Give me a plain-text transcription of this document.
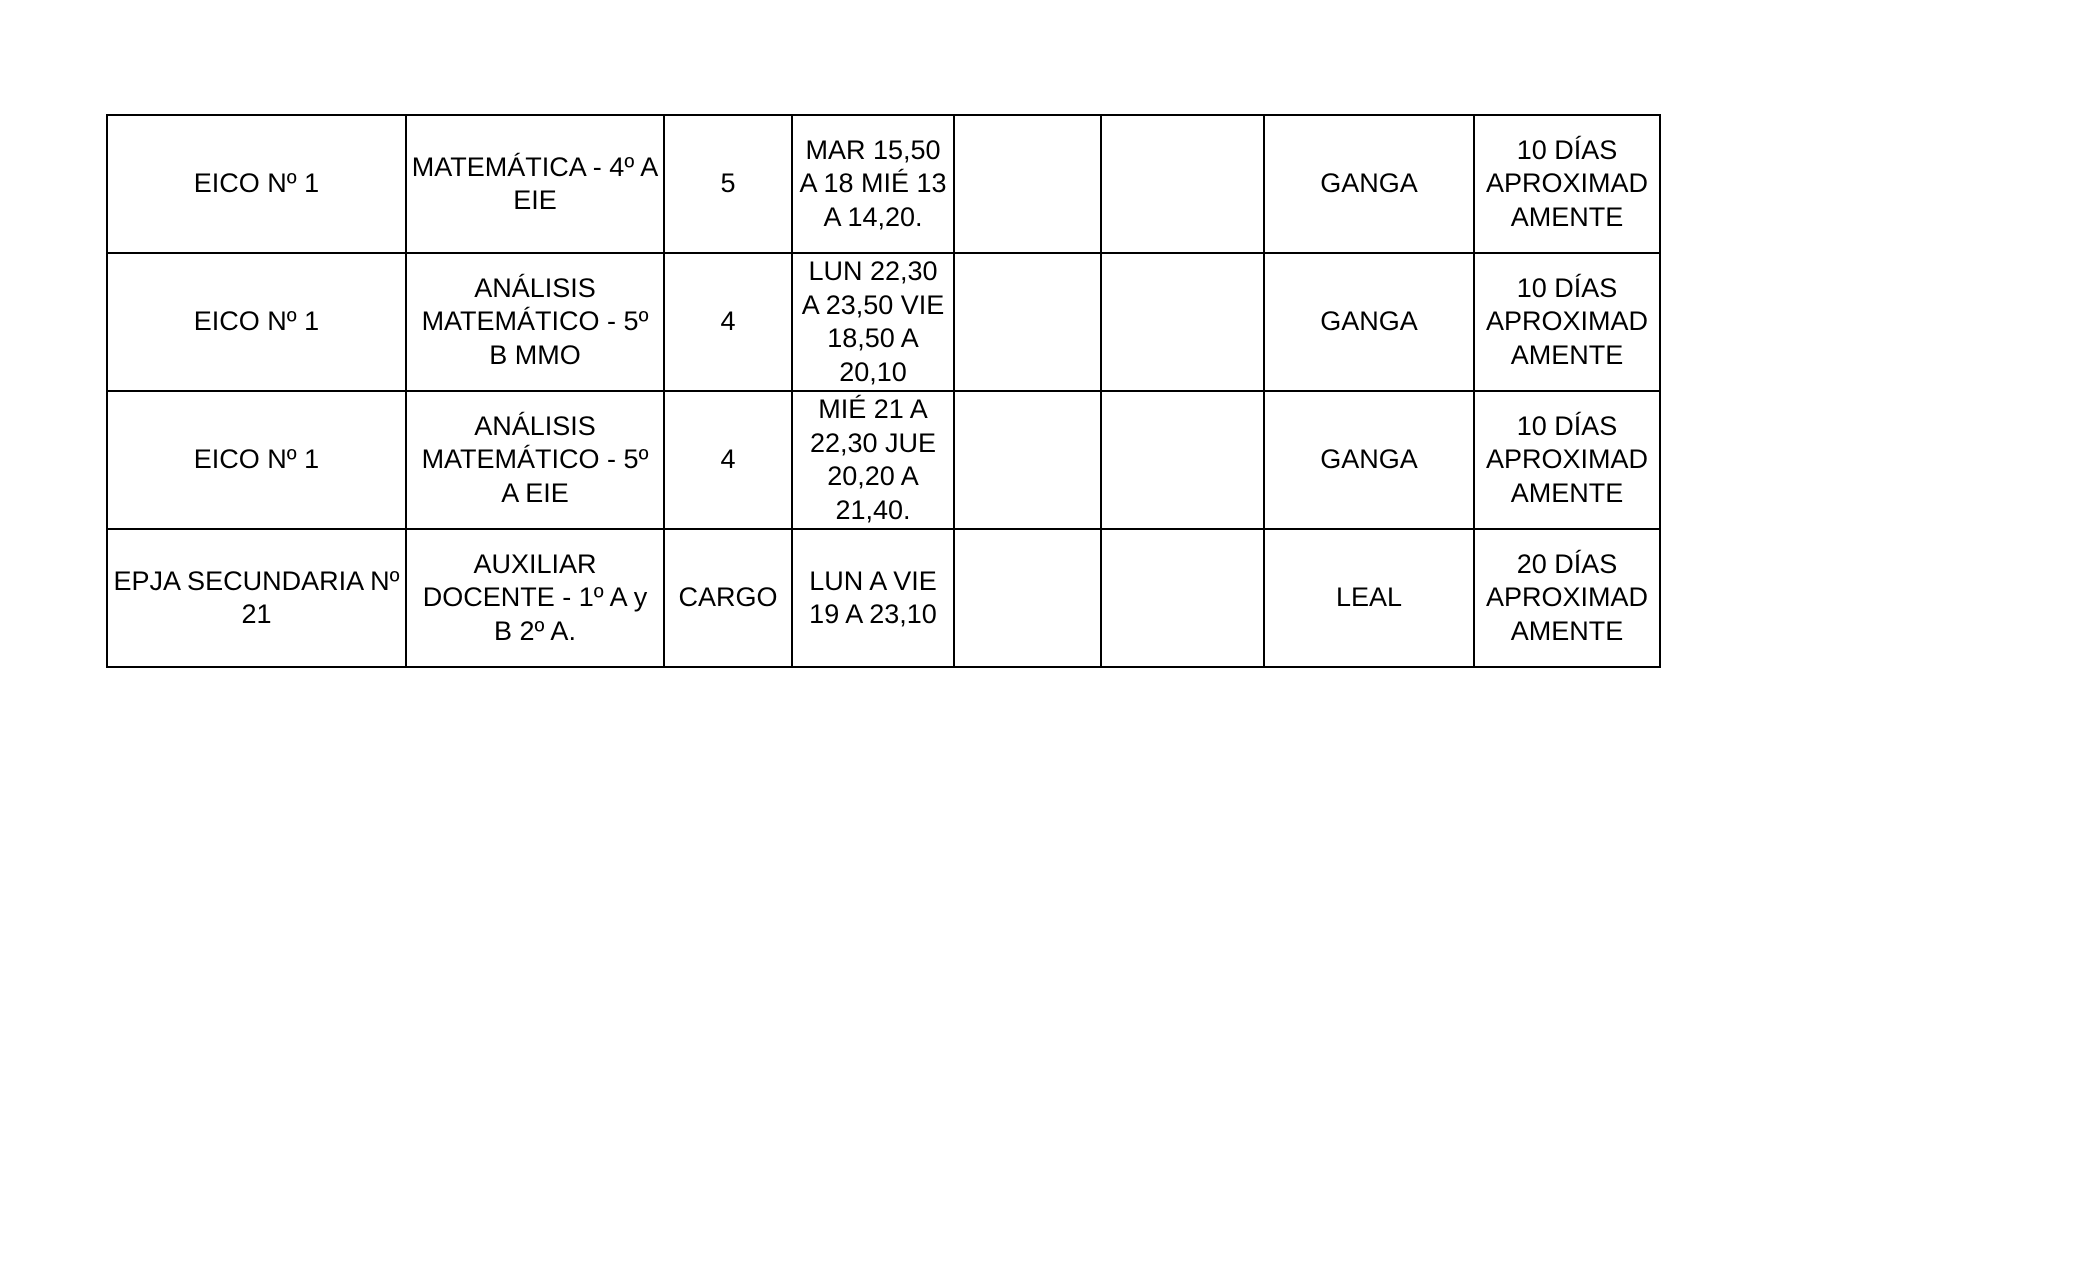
EICO Nº 1	MATEMÁTICA - 4º A EIE	5	MAR 15,50 A 18 MIÉ 13 A 14,20.			GANGA	10 DÍAS APROXIMAD AMENTE
EICO Nº 1	ANÁLISIS MATEMÁTICO - 5º B MMO	4	LUN 22,30 A 23,50 VIE 18,50 A 20,10			GANGA	10 DÍAS APROXIMAD AMENTE
EICO Nº 1	ANÁLISIS MATEMÁTICO - 5º A EIE	4	MIÉ 21 A 22,30 JUE 20,20 A 21,40.			GANGA	10 DÍAS APROXIMAD AMENTE
EPJA SECUNDARIA Nº 21	AUXILIAR DOCENTE - 1º A y B 2º A.	CARGO	LUN A VIE 19 A 23,10			LEAL	20 DÍAS APROXIMAD AMENTE
